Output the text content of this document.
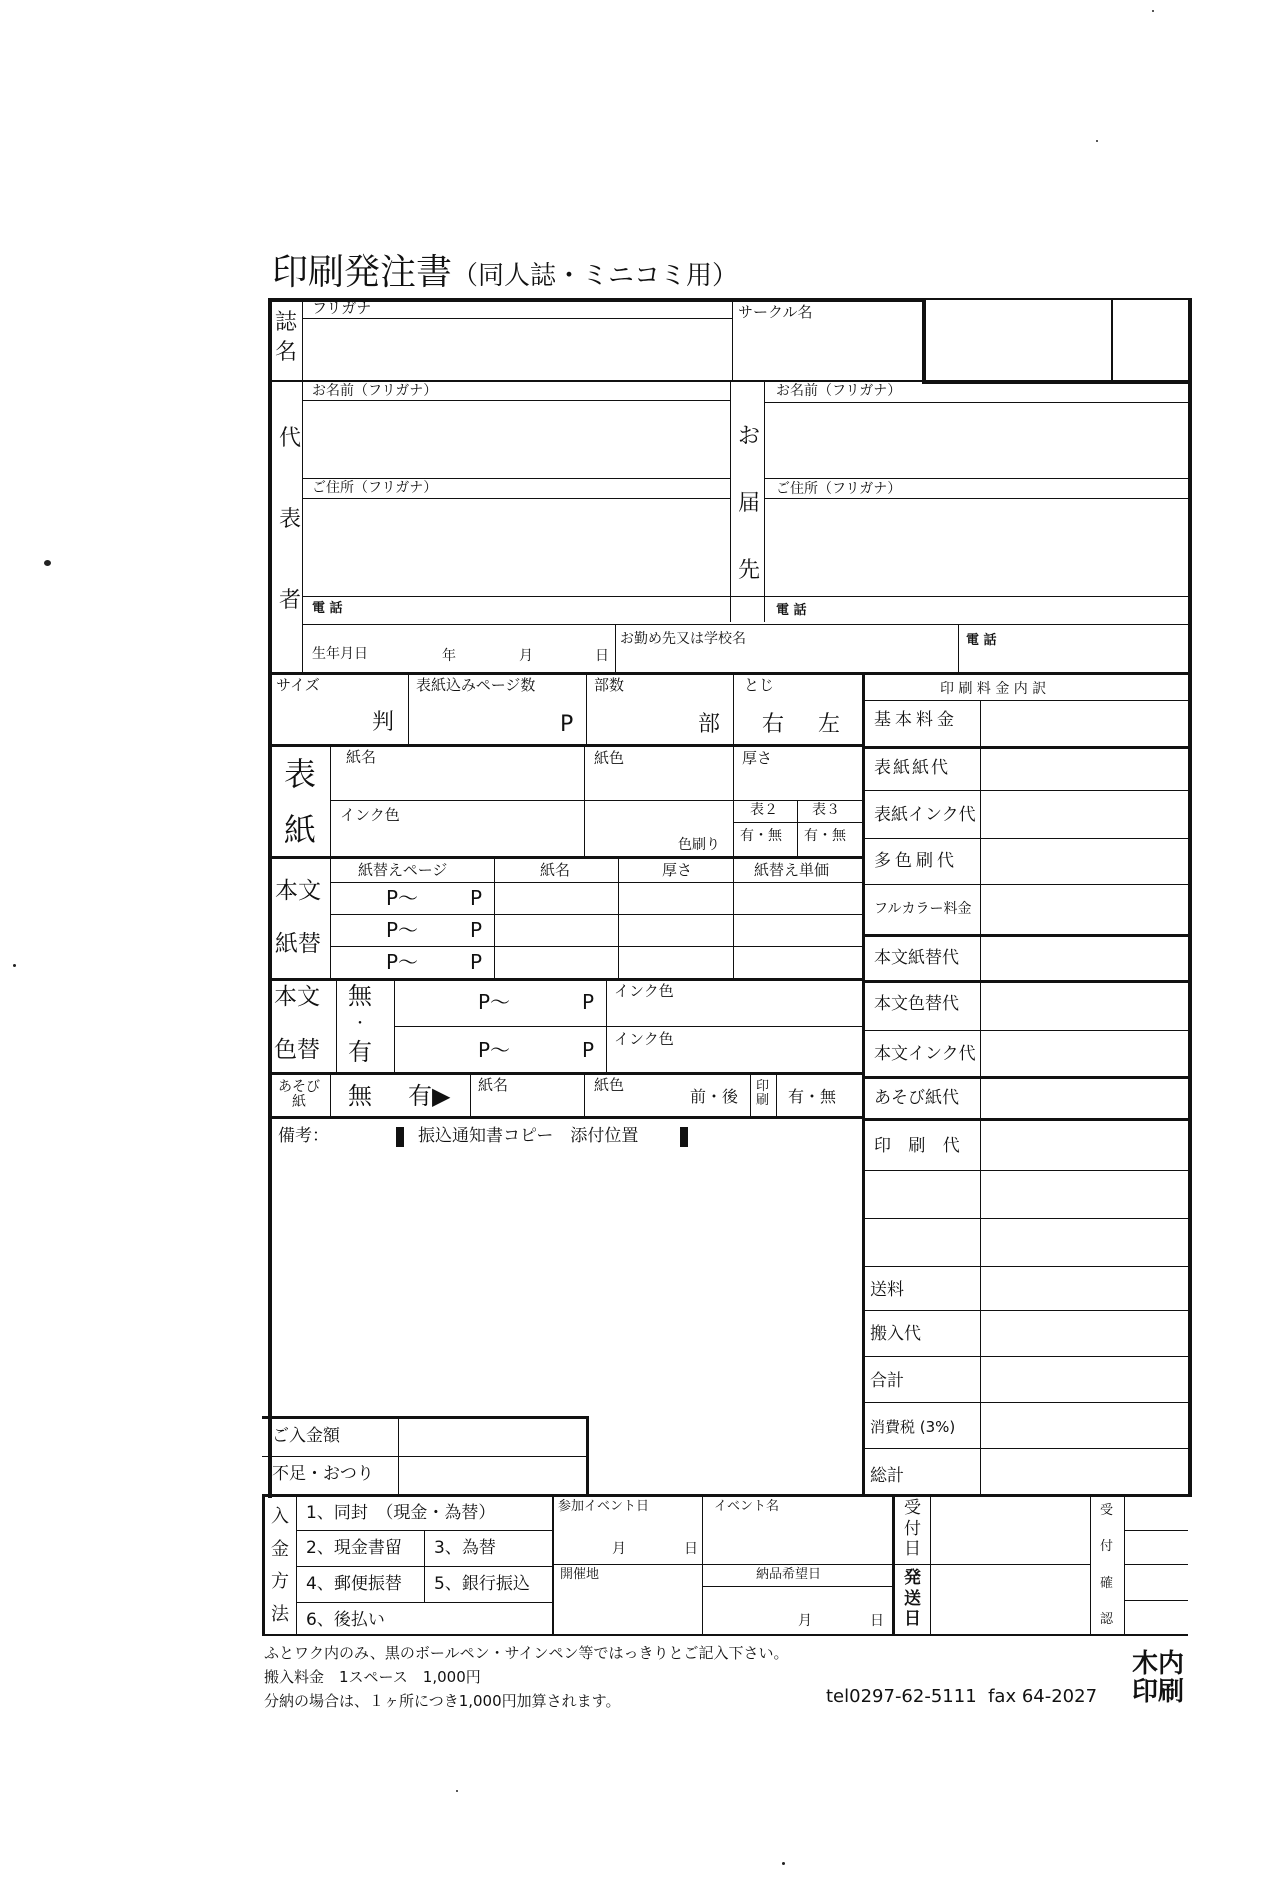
印刷発注書（同人誌・ミニコミ用）
誌
名
フリガナ	サークル名
代
表
者
お名前（フリガナ）
ご住所（フリガナ）
電 話
生年月日	年	月	日
お勤め先又は学校名	電 話
お
届
先
お名前（フリガナ）
ご住所（フリガナ）
電 話
サイズ
判
表紙込みページ数
P
部数
部
とじ
右 左
印 刷 料 金 内 訳
基本料金
表紙紙代
表紙インク代
多色刷代
フルカラー料金
本文紙替代
本文色替代
本文インク代
あそび紙代
印 刷 代
送料
搬入代
合計
消費税 (3%)
総計
表
紙
紙名	紙色	厚さ
インク色	表２ 表３
色刷り
有・無 有・無
本文
紙替
紙替えページ	紙名	厚さ	紙替え単価
P～	P
P～	P
P～	P
本文
色替
無
・
有
P～	P インク色
P～	P インク色
あそび紙	無 有▶ 紙名	紙色
前・後
印刷 有・無
備考：	振込通知書コピー　添付位置
ご入金額
不足・おつり
入
金
方
法
1、同封　（現金・為替）
2、現金書留 3、為替
4、郵便振替 5、銀行振込
6、後払い
参加イベント日
月	日
イベント名
開催地	納品希望日
月	日
受
付
日
発
送
日
受
付
確
認
ふとワク内のみ、黒のボールペン・サインペン等ではっきりとご記入下さい。
搬入料金　1スペース　1,000円
分納の場合は、１ヶ所につき1,000円加算されます。	tel0297-62-5111  fax 64-2027
木内
印刷
